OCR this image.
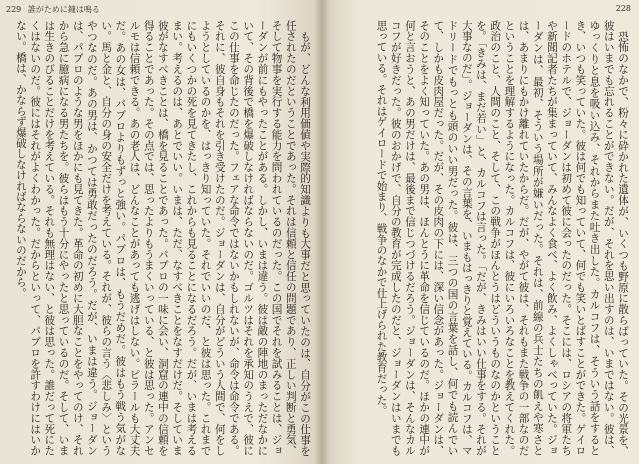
229 誰がために鐘は鳴る

もが、どんな利用価値や実際的知識よりも大事だと思っていたのは、自分がこの仕事を任されたのだということであった。それは信頼と信任の問題であり、正しい判断と勇気、そして物事を実行する能力を問われているのだった。この国でそれを試みることは、ジョーダンが前にもやったことがある。しかし、いまは違う。彼は敵の陣地のまっただなかにいて、その背後で橋を爆破しなければならないのだ。ゴルツはそれを承知のうえで、彼にこの仕事を命じたのだった。フェアな命令ではないかもしれないが、命令は命令である。それに、彼自身もそれを引き受けたのだ。ジョーダンは、自分がどういう人間で、何をしようとしているのかを、はっきり知っていた。それでいいのだ、と彼は思った。これまでにもいくつかの死を見てきたし、これからも見ることになるだろう。だが、いまは考えるまい。考えるのは、あとでいい。いまは、ただ、なすべきことをなすだけだ。そしていま彼がなすべきことは、橋を見ることであった。パブロの一味に会い、洞窟の連中の信頼を得ることであった。その点では、思ったよりもうまくいっている、と彼は思った。アンセルモは信頼できる。あの老人は、どんなことがあっても逃げはしない。ピラールも大丈夫だ。あの女は、パブロよりもずっと強い。パブロは、もうだめだ。彼はもう戦う気がない。馬と金と、自分の身の安全だけを考えている。それが、彼らの言う〈悲しみ〉というやつなのだ。あの男は、かつては勇敢だったのだろう。だが、いまは違う。ジョーダンは、パブロのような男をほかにも見てきた。革命の初めに大胆なことをやってのけ、それから急に臆病になる男たちを。彼らはもう十分にやったと思っているのだ。そして、いまは生きのびることだけを考えている。それも無理はない、と彼は思った。誰だって死にたくはないのだ。彼にはそれがよくわかった。だからといって、パブロを許すわけにはいかない。橋は、かならず爆破しなければならないのだから。

228

恐怖のなかで、粉々に砕かれた遺体が、いくつも野原に散らばっていた。その光景を、彼はいまでも忘れることができない。だが、それを思い出すのは、いまではない。彼は、ゆっくりと息を吸い込み、それからまた吐き出した。カルコフは、そういう話をするとき、いつも笑っていた。彼は何でも知っていて、何でも笑いとばすことができた。ゲイロードのホテルで、ジョーダンは初めて彼に会ったのだった。そこには、ロシアの将軍たちや新聞記者たちが集まっていて、みんなよく食べ、よく飲み、よくしゃべっていた。ジョーダンは、最初、そういう場所が嫌いだった。それは、前線の兵士たちの飢えや寒さとは、あまりにもかけ離れていたからだ。だが、やがて彼は、それもまた戦争の一部なのだということを理解するようになった。カルコフは、彼にいろいろなことを教えてくれた。政治のこと、人間のこと、そして、この戦争がほんとうはどういうものなのかということを。「きみは、まだ若い」と、カルコフは言った。「だが、きみはいい仕事をする。それが大事なのだ」。ジョーダンは、その言葉を、いまもはっきりと覚えている。カルコフは、マドリードでもっとも頭のいい男だった。彼は、三つの国の言葉を話し、何でも読んでいて、しかも皮肉屋だった。だが、その皮肉の下には、深い信念があった。ジョーダンは、そのことをよく知っていた。あの男は、ほんとうに革命を信じているのだ。ほかの連中が何と言おうと、あの男だけは、最後まで信じつづけるだろう。ジョーダンは、そんなカルコフが好きだった。彼のおかげで、自分の教育が完成したのだと、ジョーダンはいまでも思っている。それはゲイロードで始まり、戦争のなかで仕上げられた教育だった。
